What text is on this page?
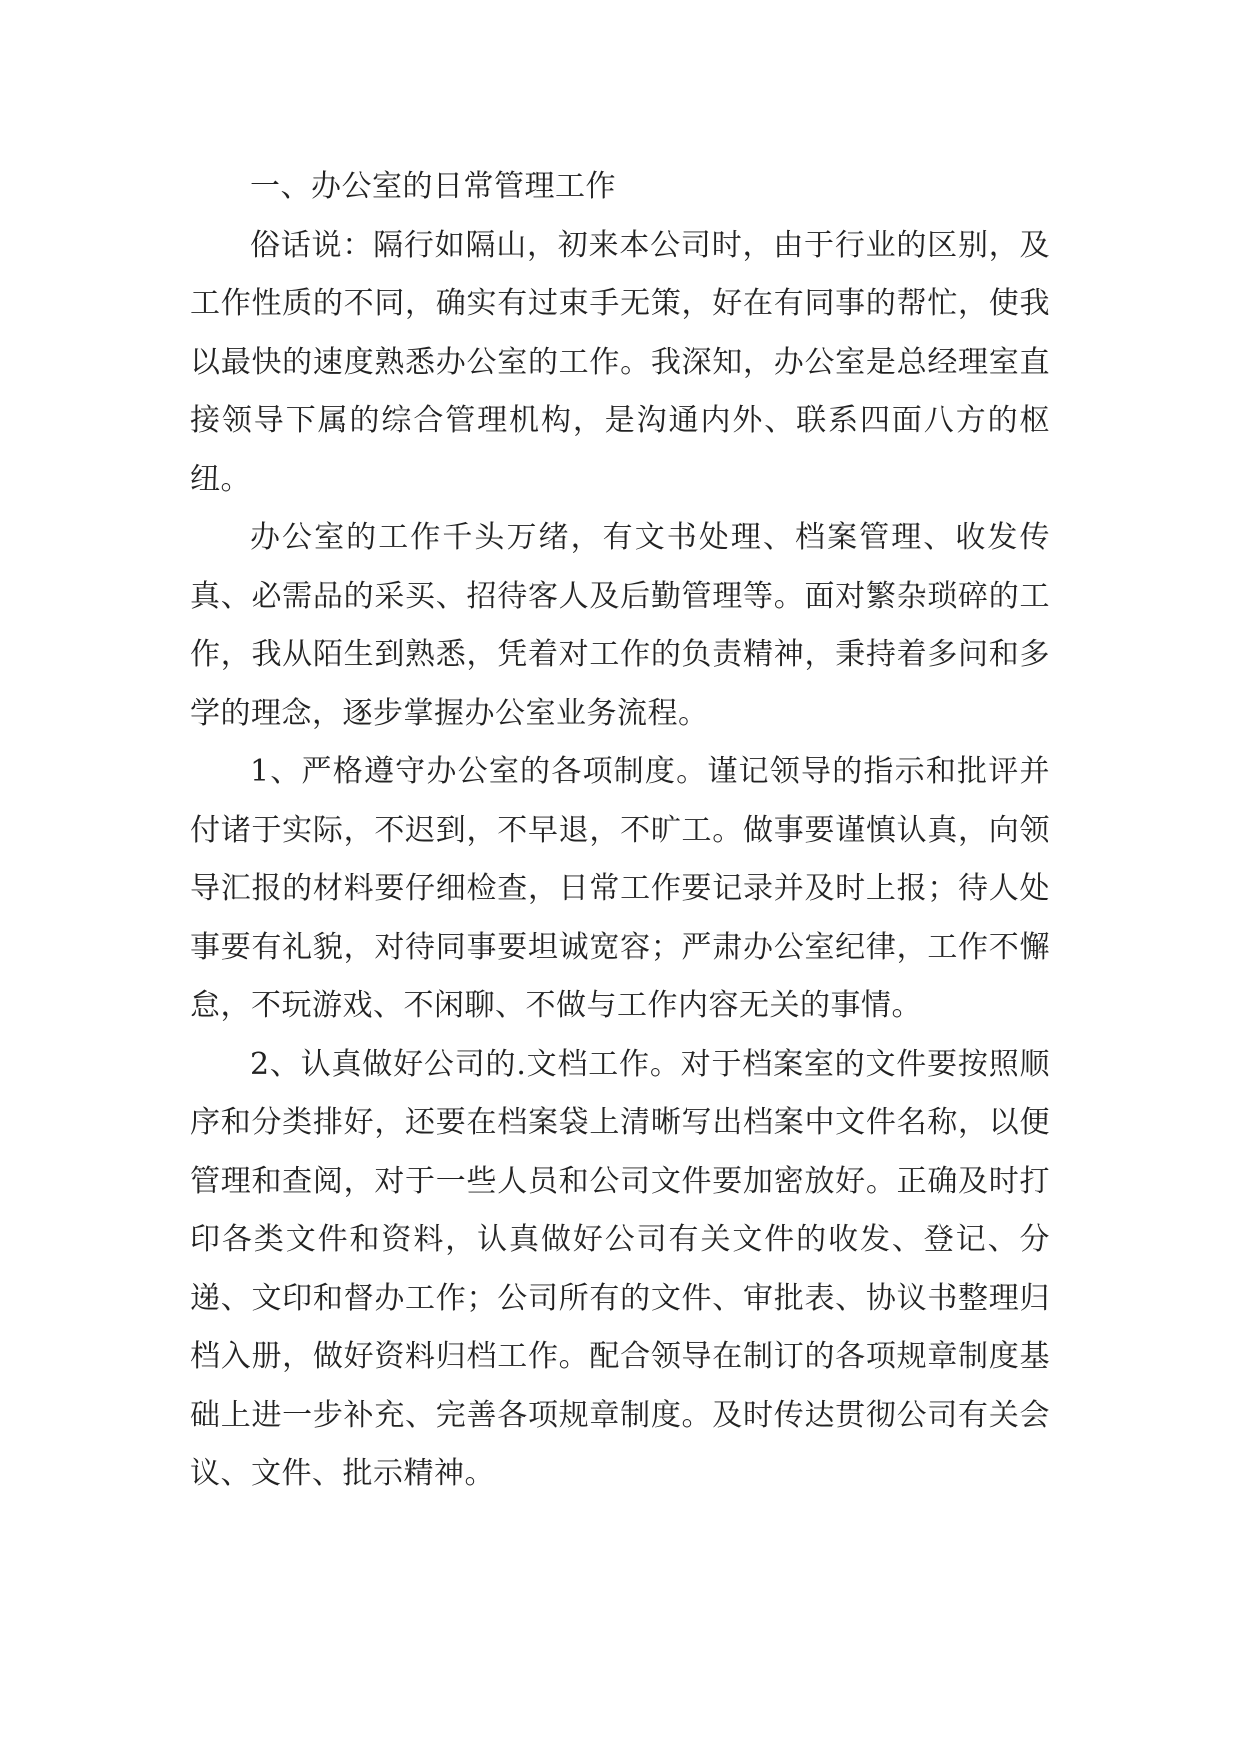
一、办公室的日常管理工作

俗话说：隔行如隔山，初来本公司时，由于行业的区别，及工作性质的不同，确实有过束手无策，好在有同事的帮忙，使我以最快的速度熟悉办公室的工作。我深知，办公室是总经理室直接领导下属的综合管理机构，是沟通内外、联系四面八方的枢纽。

办公室的工作千头万绪，有文书处理、档案管理、收发传真、必需品的采买、招待客人及后勤管理等。面对繁杂琐碎的工作，我从陌生到熟悉，凭着对工作的负责精神，秉持着多问和多学的理念，逐步掌握办公室业务流程。

1、严格遵守办公室的各项制度。谨记领导的指示和批评并付诸于实际，不迟到，不早退，不旷工。做事要谨慎认真，向领导汇报的材料要仔细检查，日常工作要记录并及时上报；待人处事要有礼貌，对待同事要坦诚宽容；严肃办公室纪律，工作不懈怠，不玩游戏、不闲聊、不做与工作内容无关的事情。

2、认真做好公司的.文档工作。对于档案室的文件要按照顺序和分类排好，还要在档案袋上清晰写出档案中文件名称，以便管理和查阅，对于一些人员和公司文件要加密放好。正确及时打印各类文件和资料，认真做好公司有关文件的收发、登记、分递、文印和督办工作；公司所有的文件、审批表、协议书整理归档入册，做好资料归档工作。配合领导在制订的各项规章制度基础上进一步补充、完善各项规章制度。及时传达贯彻公司有关会议、文件、批示精神。
